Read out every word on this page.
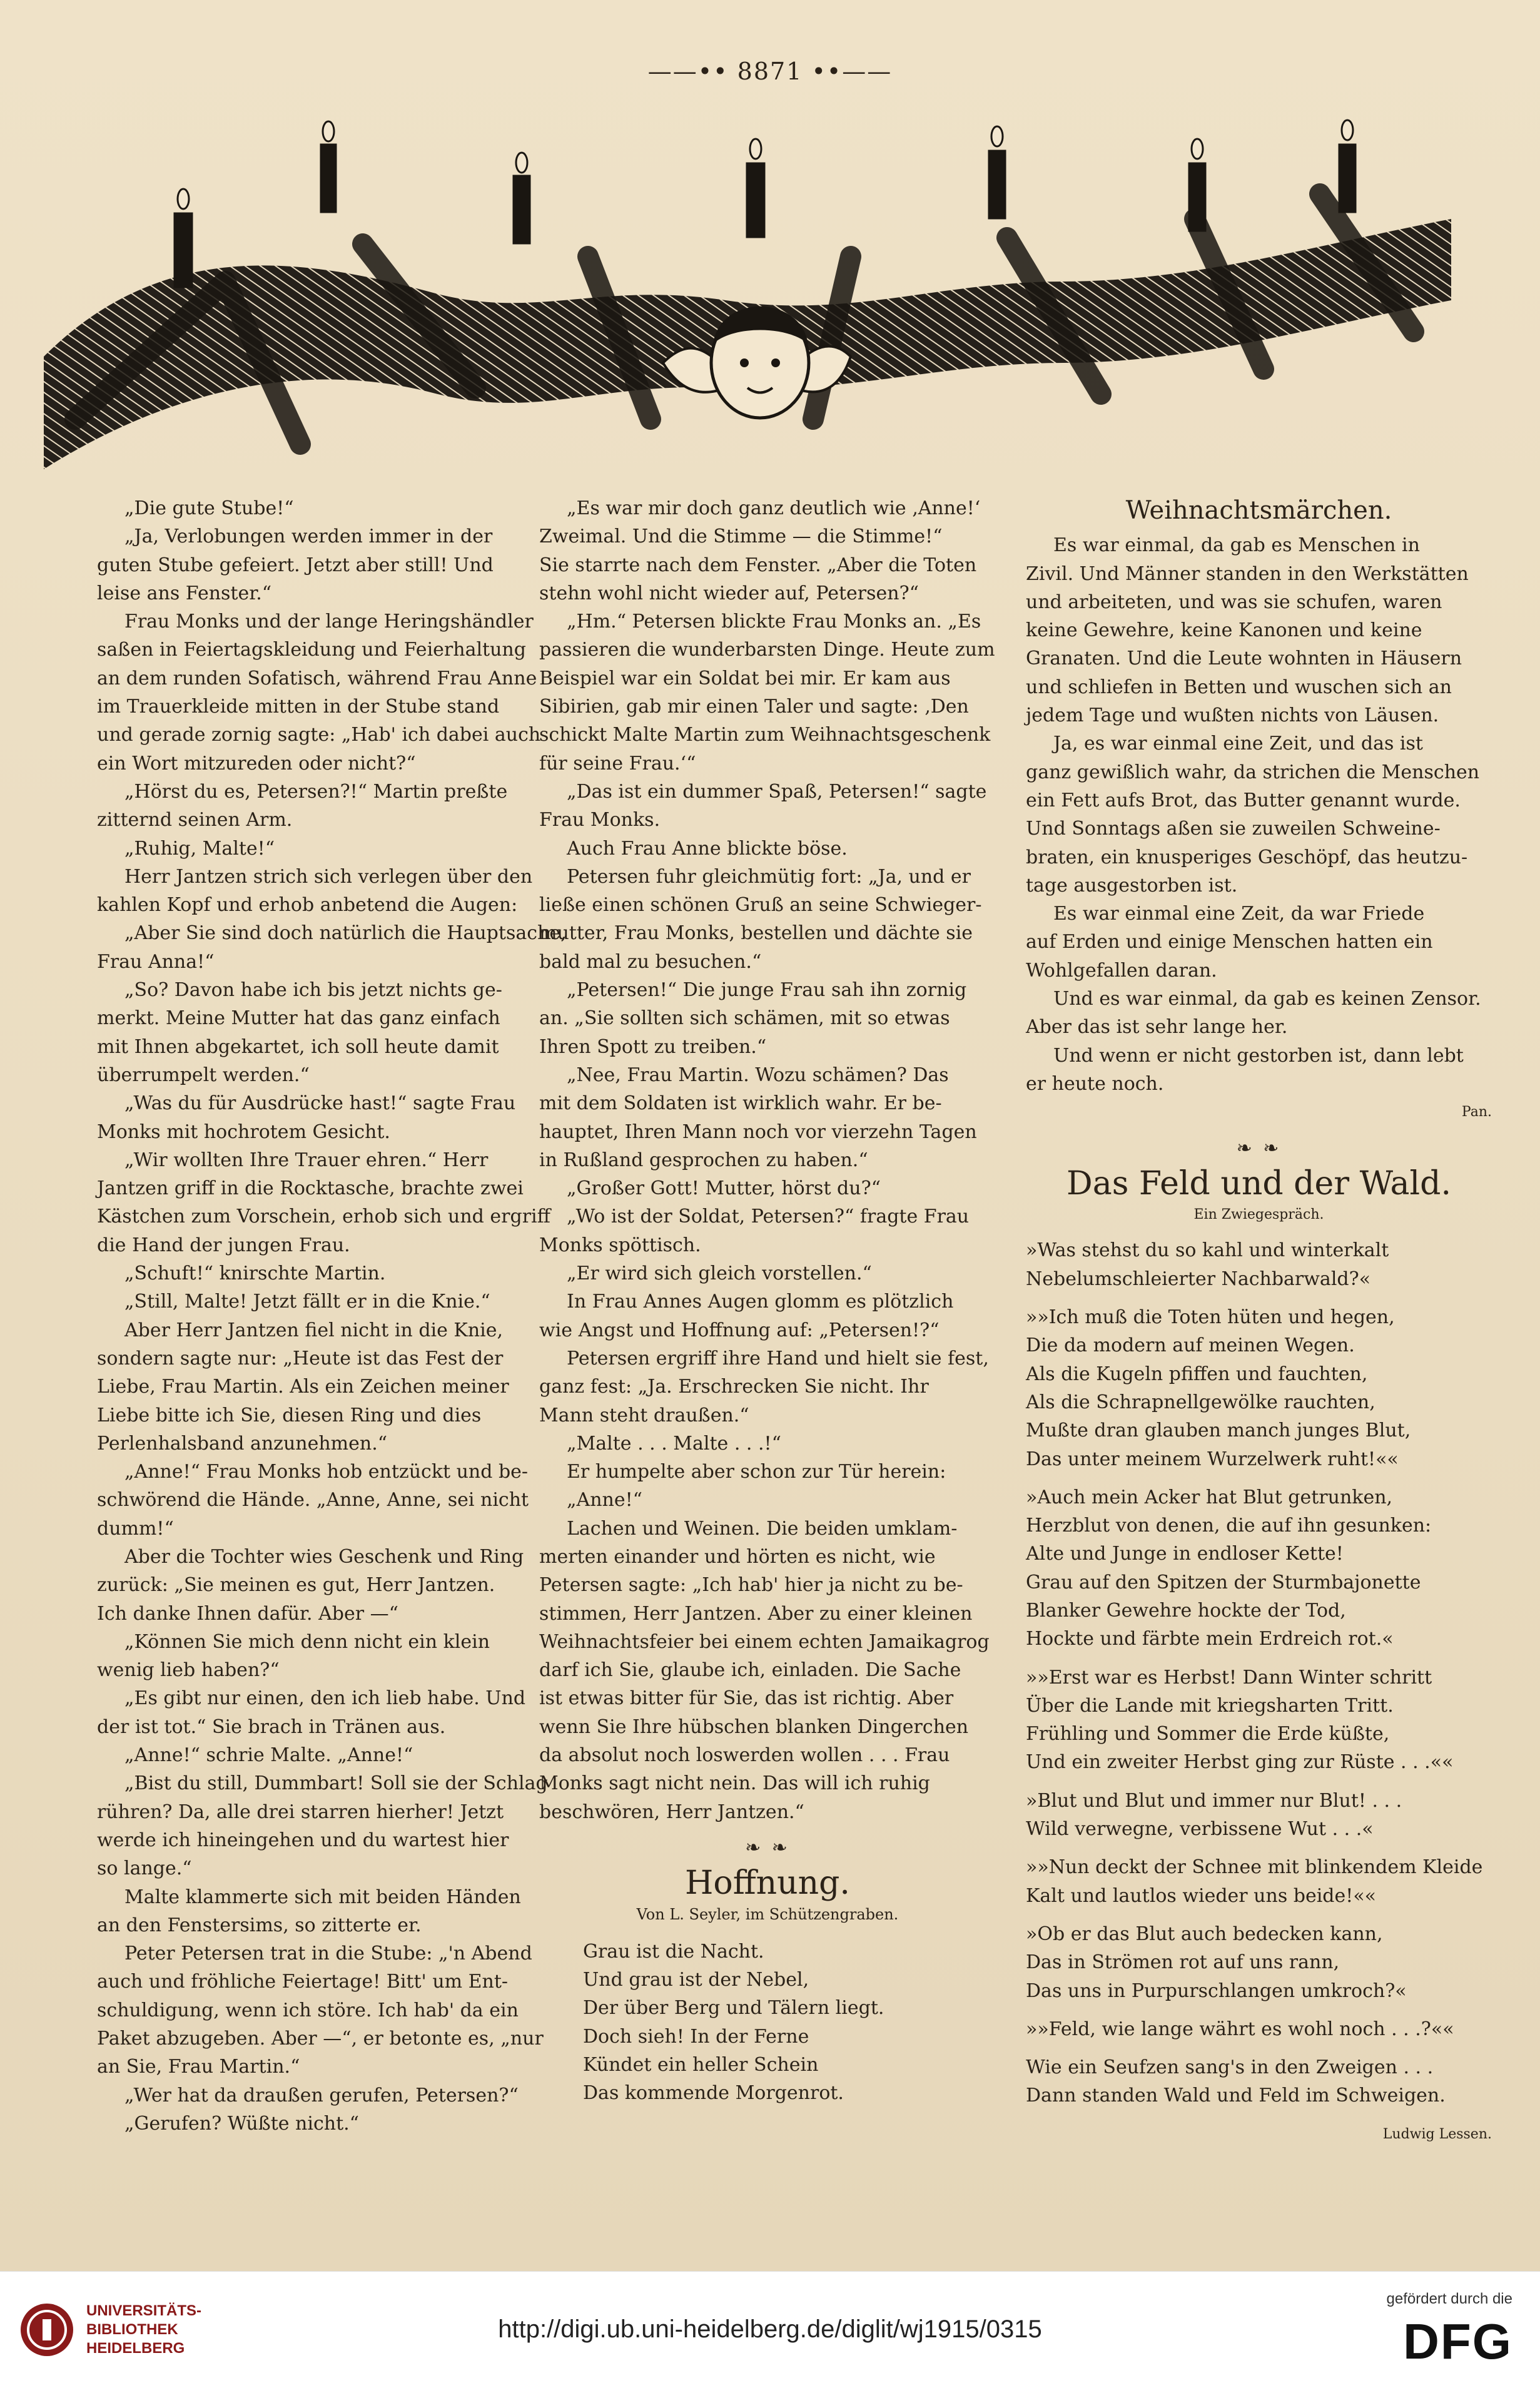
——•• 8871 ••——
„Die gute Stube!“
„Ja, Verlobungen werden immer in der
guten Stube gefeiert. Jetzt aber still! Und
leise ans Fenster.“
Frau Monks und der lange Heringshändler
saßen in Feiertagskleidung und Feierhaltung
an dem runden Sofatisch, während Frau Anne
im Trauerkleide mitten in der Stube stand
und gerade zornig sagte: „Hab' ich dabei auch
ein Wort mitzureden oder nicht?“
„Hörst du es, Petersen?!“ Martin preßte
zitternd seinen Arm.
„Ruhig, Malte!“
Herr Jantzen strich sich verlegen über den
kahlen Kopf und erhob anbetend die Augen:
„Aber Sie sind doch natürlich die Hauptsache,
Frau Anna!“
„So? Davon habe ich bis jetzt nichts ge-
merkt. Meine Mutter hat das ganz einfach
mit Ihnen abgekartet, ich soll heute damit
überrumpelt werden.“
„Was du für Ausdrücke hast!“ sagte Frau
Monks mit hochrotem Gesicht.
„Wir wollten Ihre Trauer ehren.“ Herr
Jantzen griff in die Rocktasche, brachte zwei
Kästchen zum Vorschein, erhob sich und ergriff
die Hand der jungen Frau.
„Schuft!“ knirschte Martin.
„Still, Malte! Jetzt fällt er in die Knie.“
Aber Herr Jantzen fiel nicht in die Knie,
sondern sagte nur: „Heute ist das Fest der
Liebe, Frau Martin. Als ein Zeichen meiner
Liebe bitte ich Sie, diesen Ring und dies
Perlenhalsband anzunehmen.“
„Anne!“ Frau Monks hob entzückt und be-
schwörend die Hände. „Anne, Anne, sei nicht
dumm!“
Aber die Tochter wies Geschenk und Ring
zurück: „Sie meinen es gut, Herr Jantzen.
Ich danke Ihnen dafür. Aber —“
„Können Sie mich denn nicht ein klein
wenig lieb haben?“
„Es gibt nur einen, den ich lieb habe. Und
der ist tot.“ Sie brach in Tränen aus.
„Anne!“ schrie Malte. „Anne!“
„Bist du still, Dummbart! Soll sie der Schlag
rühren? Da, alle drei starren hierher! Jetzt
werde ich hineingehen und du wartest hier
so lange.“
Malte klammerte sich mit beiden Händen
an den Fenstersims, so zitterte er.
Peter Petersen trat in die Stube: „'n Abend
auch und fröhliche Feiertage! Bitt' um Ent-
schuldigung, wenn ich störe. Ich hab' da ein
Paket abzugeben. Aber —“, er betonte es, „nur
an Sie, Frau Martin.“
„Wer hat da draußen gerufen, Petersen?“
„Gerufen? Wüßte nicht.“
„Es war mir doch ganz deutlich wie ‚Anne!‘
Zweimal. Und die Stimme — die Stimme!“
Sie starrte nach dem Fenster. „Aber die Toten
stehn wohl nicht wieder auf, Petersen?“
„Hm.“ Petersen blickte Frau Monks an. „Es
passieren die wunderbarsten Dinge. Heute zum
Beispiel war ein Soldat bei mir. Er kam aus
Sibirien, gab mir einen Taler und sagte: ‚Den
schickt Malte Martin zum Weihnachtsgeschenk
für seine Frau.‘“
„Das ist ein dummer Spaß, Petersen!“ sagte
Frau Monks.
Auch Frau Anne blickte böse.
Petersen fuhr gleichmütig fort: „Ja, und er
ließe einen schönen Gruß an seine Schwieger-
mutter, Frau Monks, bestellen und dächte sie
bald mal zu besuchen.“
„Petersen!“ Die junge Frau sah ihn zornig
an. „Sie sollten sich schämen, mit so etwas
Ihren Spott zu treiben.“
„Nee, Frau Martin. Wozu schämen? Das
mit dem Soldaten ist wirklich wahr. Er be-
hauptet, Ihren Mann noch vor vierzehn Tagen
in Rußland gesprochen zu haben.“
„Großer Gott! Mutter, hörst du?“
„Wo ist der Soldat, Petersen?“ fragte Frau
Monks spöttisch.
„Er wird sich gleich vorstellen.“
In Frau Annes Augen glomm es plötzlich
wie Angst und Hoffnung auf: „Petersen!?“
Petersen ergriff ihre Hand und hielt sie fest,
ganz fest: „Ja. Erschrecken Sie nicht. Ihr
Mann steht draußen.“
„Malte . . . Malte . . .!“
Er humpelte aber schon zur Tür herein:
„Anne!“
Lachen und Weinen. Die beiden umklam-
merten einander und hörten es nicht, wie
Petersen sagte: „Ich hab' hier ja nicht zu be-
stimmen, Herr Jantzen. Aber zu einer kleinen
Weihnachtsfeier bei einem echten Jamaikagrog
darf ich Sie, glaube ich, einladen. Die Sache
ist etwas bitter für Sie, das ist richtig. Aber
wenn Sie Ihre hübschen blanken Dingerchen
da absolut noch loswerden wollen . . . Frau
Monks sagt nicht nein. Das will ich ruhig
beschwören, Herr Jantzen.“
❧ ❧
Hoffnung.
Von L. Seyler, im Schützengraben.
Grau ist die Nacht.
Und grau ist der Nebel,
Der über Berg und Tälern liegt.
Doch sieh! In der Ferne
Kündet ein heller Schein
Das kommende Morgenrot.
Weihnachtsmärchen.
Es war einmal, da gab es Menschen in
Zivil. Und Männer standen in den Werkstätten
und arbeiteten, und was sie schufen, waren
keine Gewehre, keine Kanonen und keine
Granaten. Und die Leute wohnten in Häusern
und schliefen in Betten und wuschen sich an
jedem Tage und wußten nichts von Läusen.
Ja, es war einmal eine Zeit, und das ist
ganz gewißlich wahr, da strichen die Menschen
ein Fett aufs Brot, das Butter genannt wurde.
Und Sonntags aßen sie zuweilen Schweine-
braten, ein knusperiges Geschöpf, das heutzu-
tage ausgestorben ist.
Es war einmal eine Zeit, da war Friede
auf Erden und einige Menschen hatten ein
Wohlgefallen daran.
Und es war einmal, da gab es keinen Zensor.
Aber das ist sehr lange her.
Und wenn er nicht gestorben ist, dann lebt
er heute noch.
Pan.
❧ ❧
Das Feld und der Wald.
Ein Zwiegespräch.
»Was stehst du so kahl und winterkalt
Nebelumschleierter Nachbarwald?«
»»Ich muß die Toten hüten und hegen,
Die da modern auf meinen Wegen.
Als die Kugeln pfiffen und fauchten,
Als die Schrapnellgewölke rauchten,
Mußte dran glauben manch junges Blut,
Das unter meinem Wurzelwerk ruht!««
»Auch mein Acker hat Blut getrunken,
Herzblut von denen, die auf ihn gesunken:
Alte und Junge in endloser Kette!
Grau auf den Spitzen der Sturmbajonette
Blanker Gewehre hockte der Tod,
Hockte und färbte mein Erdreich rot.«
»»Erst war es Herbst! Dann Winter schritt
Über die Lande mit kriegsharten Tritt.
Frühling und Sommer die Erde küßte,
Und ein zweiter Herbst ging zur Rüste . . .««
»Blut und Blut und immer nur Blut! . . .
Wild verwegne, verbissene Wut . . .«
»»Nun deckt der Schnee mit blinkendem Kleide
Kalt und lautlos wieder uns beide!««
»Ob er das Blut auch bedecken kann,
Das in Strömen rot auf uns rann,
Das uns in Purpurschlangen umkroch?«
»»Feld, wie lange währt es wohl noch . . .?««
Wie ein Seufzen sang's in den Zweigen . . .
Dann standen Wald und Feld im Schweigen.
Ludwig Lessen.
UNIVERSITÄTS-
BIBLIOTHEK
HEIDELBERG
http://digi.ub.uni-heidelberg.de/diglit/wj1915/0315
gefördert durch die
DFG
